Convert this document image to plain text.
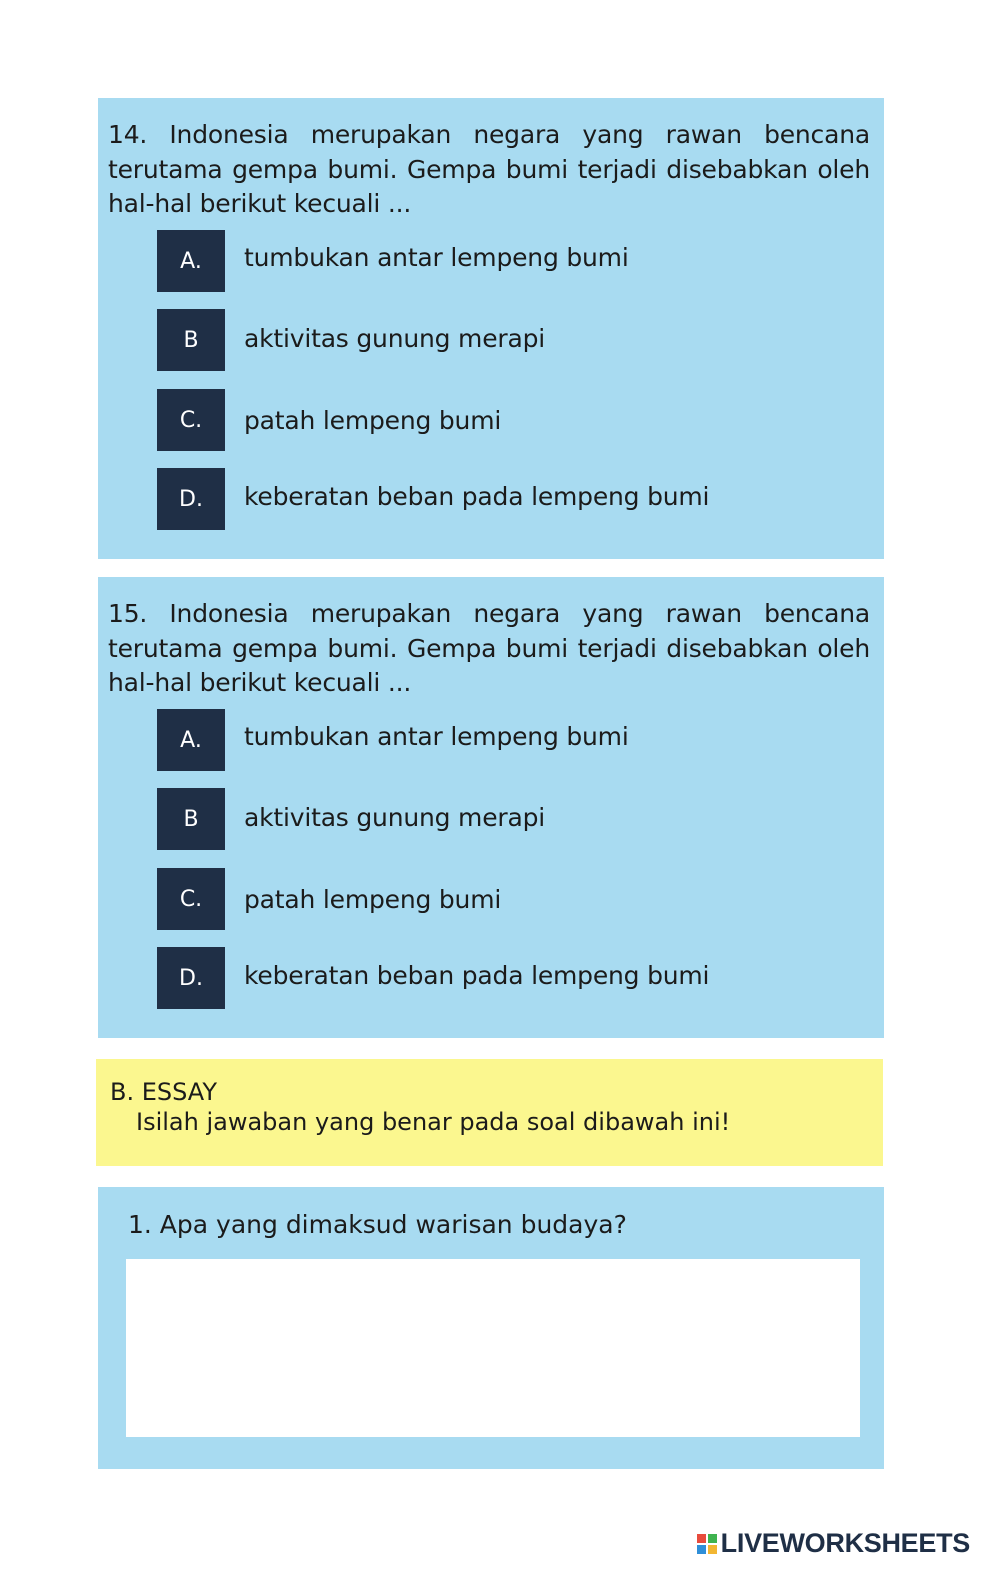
14. Indonesia merupakan negara yang rawan bencana terutama gempa bumi. Gempa bumi terjadi disebabkan oleh hal-hal berikut kecuali ...
A.	tumbukan antar lempeng bumi
B	aktivitas gunung merapi
C.	patah lempeng bumi
D.	keberatan beban pada lempeng bumi
15. Indonesia merupakan negara yang rawan bencana terutama gempa bumi. Gempa bumi terjadi disebabkan oleh hal-hal berikut kecuali ...
A.	tumbukan antar lempeng bumi
B	aktivitas gunung merapi
C.	patah lempeng bumi
D.	keberatan beban pada lempeng bumi
B. ESSAY
Isilah jawaban yang benar pada soal dibawah ini!
1. Apa yang dimaksud warisan budaya?
LIVEWORKSHEETS
